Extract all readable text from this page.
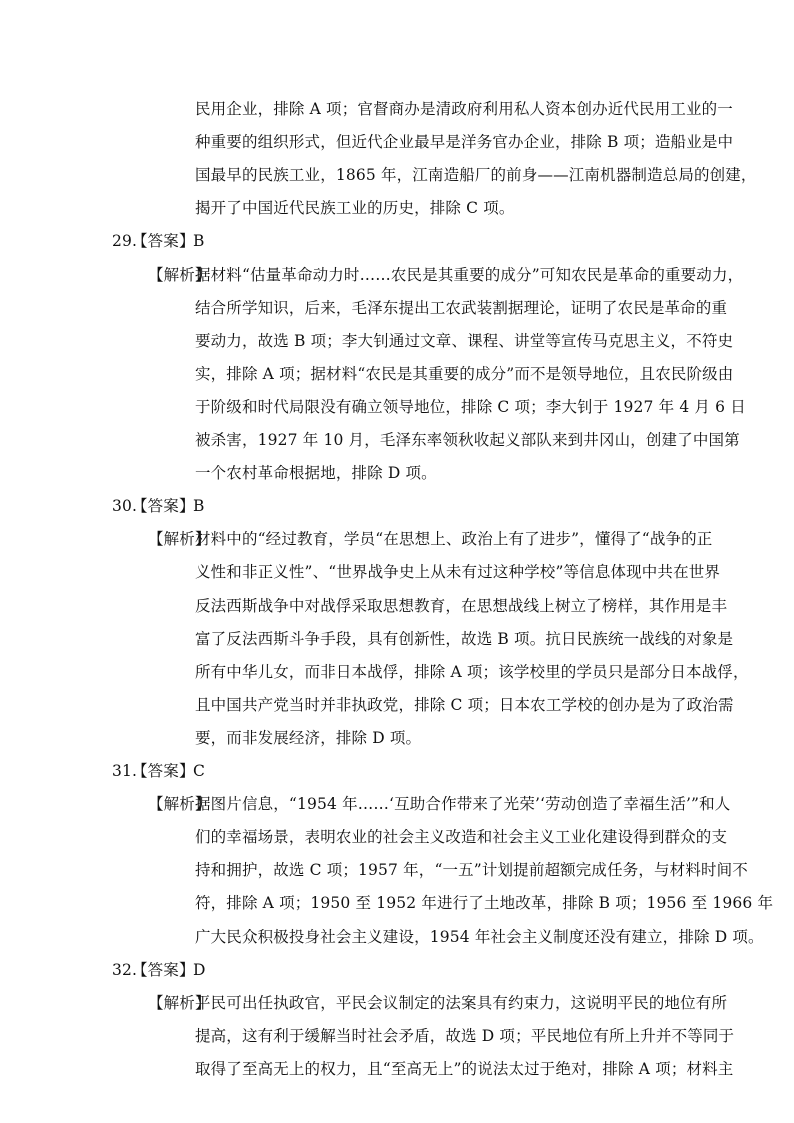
民用企业，排除 A 项；官督商办是清政府利用私人资本创办近代民用工业的一
种重要的组织形式，但近代企业最早是洋务官办企业，排除 B 项；造船业是中
国最早的民族工业，1865 年，江南造船厂的前身——江南机器制造总局的创建，
揭开了中国近代民族工业的历史，排除 C 项。
29.
【答案】
B
【解析】
据材料“估量革命动力时……农民是其重要的成分”可知农民是革命的重要动力，
结合所学知识，后来，毛泽东提出工农武装割据理论，证明了农民是革命的重
要动力，故选 B 项；李大钊通过文章、课程、讲堂等宣传马克思主义，不符史
实，排除 A 项；据材料“农民是其重要的成分”而不是领导地位，且农民阶级由
于阶级和时代局限没有确立领导地位，排除 C 项；李大钊于 1927 年 4 月 6 日
被杀害，1927 年 10 月，毛泽东率领秋收起义部队来到井冈山，创建了中国第
一个农村革命根据地，排除 D 项。
30.
【答案】
B
【解析】
材料中的“经过教育，学员“在思想上、政治上有了进步”，懂得了“战争的正
义性和非正义性”、“世界战争史上从未有过这种学校”等信息体现中共在世界
反法西斯战争中对战俘采取思想教育，在思想战线上树立了榜样，其作用是丰
富了反法西斯斗争手段，具有创新性，故选 B 项。抗日民族统一战线的对象是
所有中华儿女，而非日本战俘，排除 A 项；该学校里的学员只是部分日本战俘，
且中国共产党当时并非执政党，排除 C 项；日本农工学校的创办是为了政治需
要，而非发展经济，排除 D 项。
31.
【答案】
C
【解析】
据图片信息，“1954 年……‘互助合作带来了光荣’‘劳动创造了幸福生活’”和人
们的幸福场景，表明农业的社会主义改造和社会主义工业化建设得到群众的支
持和拥护，故选 C 项；1957 年，“一五”计划提前超额完成任务，与材料时间不
符，排除 A 项；1950 至 1952 年进行了土地改革，排除 B 项；1956 至 1966 年
广大民众积极投身社会主义建设，1954 年社会主义制度还没有建立，排除 D 项。
32.
【答案】
D
【解析】
平民可出任执政官，平民会议制定的法案具有约束力，这说明平民的地位有所
提高，这有利于缓解当时社会矛盾，故选 D 项；平民地位有所上升并不等同于
取得了至高无上的权力，且“至高无上”的说法太过于绝对，排除 A 项；材料主
